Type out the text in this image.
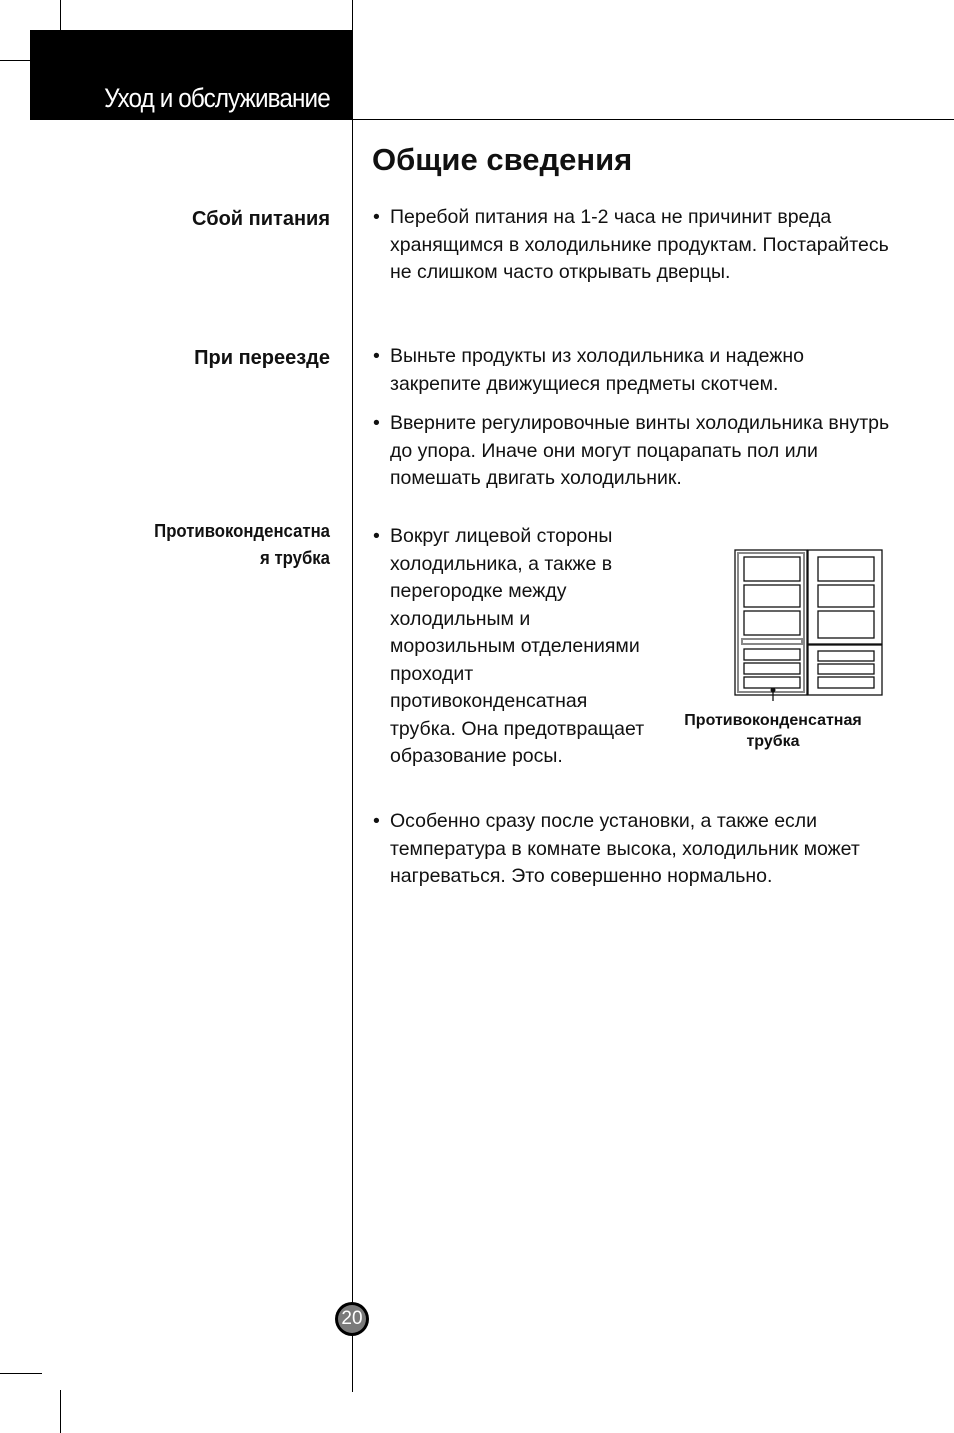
Уход и обслуживание
Общие сведения
Сбой питания • Перебой питания на 1-2 часа не причинит вреда хранящимся в холодильнике продуктам. Постарайтесь не слишком часто открывать дверцы.
При переезде • Выньте продукты из холодильника и надежно закрепите движущиеся предметы скотчем.
• Вверните регулировочные винты холодильника внутрь до упора. Иначе они могут поцарапать пол или помешать двигать холодильник.
Противоконденсатна
я трубка
• Вокруг лицевой стороны холодильника, а также в перегородке между холодильным и морозильным отделениями проходит противоконденсатная трубка. Она предотвращает образование росы.
Противоконденсатная
трубка
• Особенно сразу после установки, а также если температура в комнате высока, холодильник может нагреваться. Это совершенно нормально.
20
